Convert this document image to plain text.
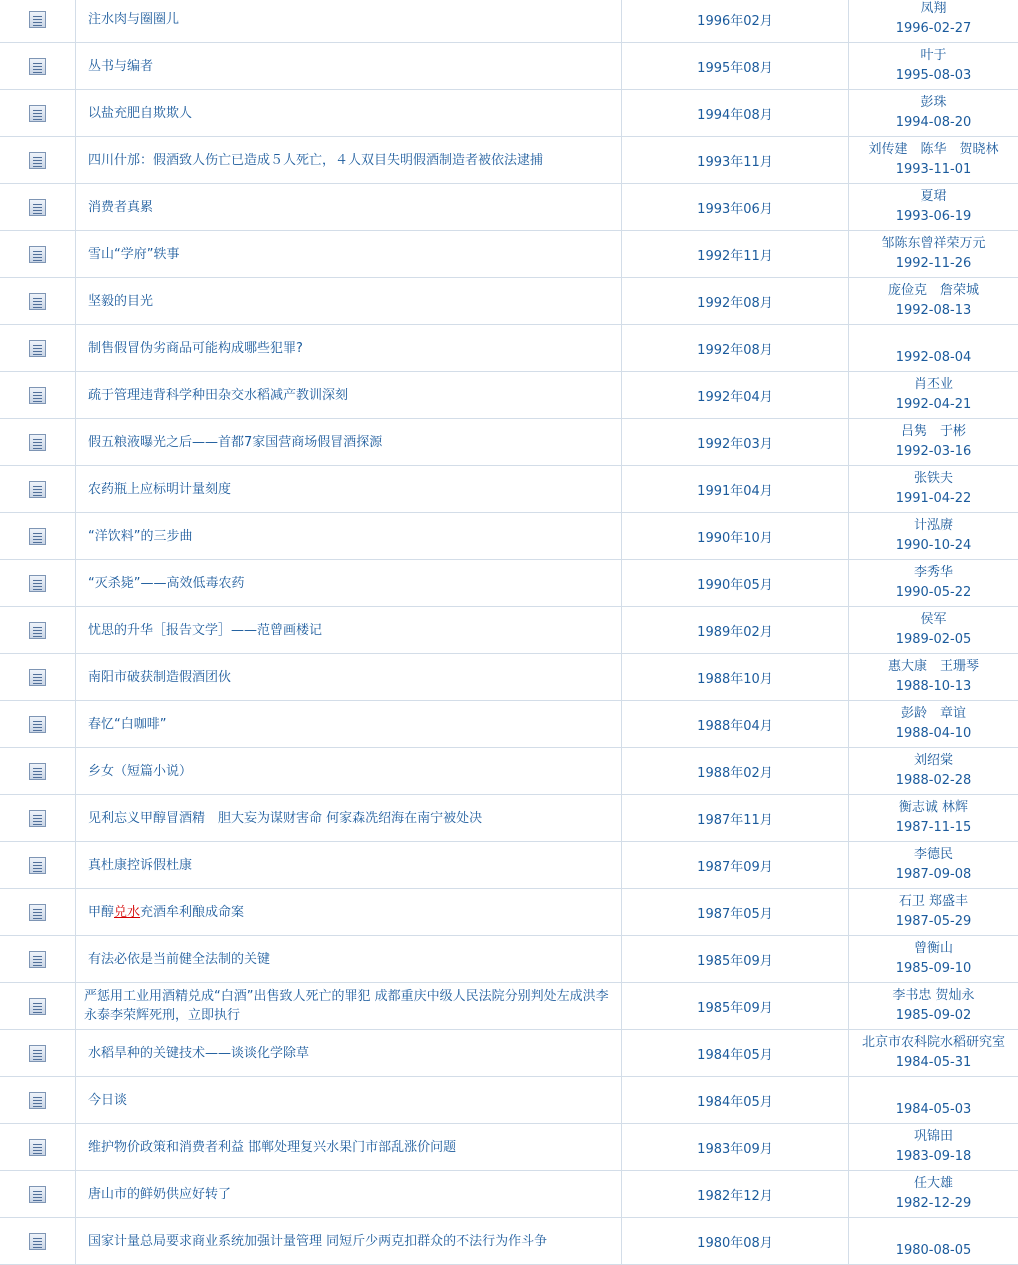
	注水肉与圈圈儿	1996年02月	凤翔
1996-02-27

	丛书与编者	1995年08月	叶于
1995-08-03

	以盐充肥自欺欺人	1994年08月	彭珠
1994-08-20

	四川什邡：假酒致人伤亡已造成５人死亡，４人双目失明假酒制造者被依法逮捕	1993年11月	刘传建　陈华　贺晓林
1993-11-01

	消费者真累	1993年06月	夏珺
1993-06-19

	雪山“学府”轶事	1992年11月	邹陈东曾祥荣万元
1992-11-26

	坚毅的目光	1992年08月	庞俭克　詹荣城
1992-08-13

	制售假冒伪劣商品可能构成哪些犯罪?	1992年08月	1992-08-04

	疏于管理违背科学种田杂交水稻减产教训深刻	1992年04月	肖丕业
1992-04-21

	假五粮液曝光之后——首都7家国营商场假冒酒探源	1992年03月	吕隽　于彬
1992-03-16

	农药瓶上应标明计量刻度	1991年04月	张铁夫
1991-04-22

	“洋饮料”的三步曲	1990年10月	计泓赓
1990-10-24

	“灭杀毙”——高效低毒农药	1990年05月	李秀华
1990-05-22

	忧思的升华［报告文学］——范曾画楼记	1989年02月	侯军
1989-02-05

	南阳市破获制造假酒团伙	1988年10月	惠大康　王珊琴
1988-10-13

	春忆“白咖啡”	1988年04月	彭龄　章谊
1988-04-10

	乡女（短篇小说）	1988年02月	刘绍棠
1988-02-28

	见利忘义甲醇冒酒精　胆大妄为谋财害命 何家森冼绍海在南宁被处决	1987年11月	衡志诚 林辉
1987-11-15

	真杜康控诉假杜康	1987年09月	李德民
1987-09-08

	甲醇兑水充酒牟利酿成命案	1987年05月	石卫 郑盛丰
1987-05-29

	有法必依是当前健全法制的关键	1985年09月	曾衡山
1985-09-10

	严惩用工业用酒精兑成“白酒”出售致人死亡的罪犯 成都重庆中级人民法院分别判处左成洪李永泰李荣辉死刑，立即执行	1985年09月	李书忠 贺灿永
1985-09-02

	水稻旱种的关键技术——谈谈化学除草	1984年05月	北京市农科院水稻研究室
1984-05-31

	今日谈	1984年05月	1984-05-03

	维护物价政策和消费者利益 邯郸处理复兴水果门市部乱涨价问题	1983年09月	巩锦田
1983-09-18

	唐山市的鲜奶供应好转了	1982年12月	任大雄
1982-12-29

	国家计量总局要求商业系统加强计量管理 同短斤少两克扣群众的不法行为作斗争	1980年08月	1980-08-05
